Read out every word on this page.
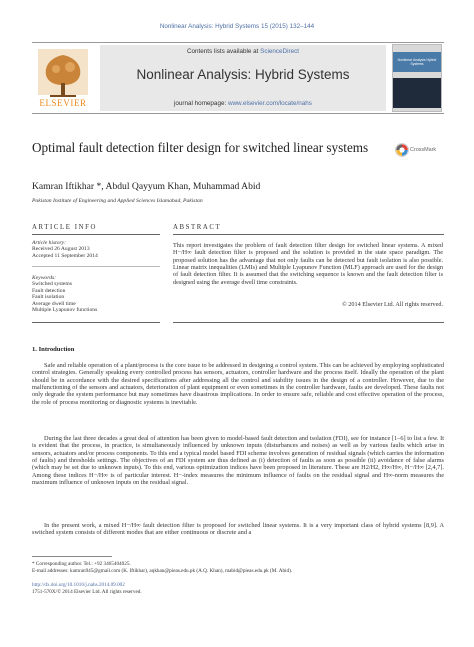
Nonlinear Analysis: Hybrid Systems 15 (2015) 132–144
ELSEVIER
Contents lists available at ScienceDirect
Nonlinear Analysis: Hybrid Systems
journal homepage: www.elsevier.com/locate/nahs
Nonlinear Analysis Hybrid Systems
Optimal fault detection filter design for switched linear systems	CrossMark
Kamran Iftikhar *, Abdul Qayyum Khan, Muhammad Abid
Pakistan Institute of Engineering and Applied Sciences Islamabad, Pakistan
ARTICLE INFO
Article history:
Received 26 August 2013
Accepted 11 September 2014
Keywords:
Switched systems
Fault detection
Fault isolation
Average dwell time
Multiple Lyapunov functions
ABSTRACT
This report investigates the problem of fault detection filter design for switched linear systems. A mixed H−/H∞ fault detection filter is proposed and the solution is provided in the state space paradigm. The proposed solution has the advantage that not only faults can be detected but fault isolation is also possible. Linear matrix inequalities (LMIs) and Multiple Lyapunov Function (MLF) approach are used for the design of fault detection filter. It is assumed that the switching sequence is known and the fault detection filter is designed using the average dwell time constraints.
© 2014 Elsevier Ltd. All rights reserved.
1. Introduction
Safe and reliable operation of a plant/process is the core issue to be addressed in designing a control system. This can be achieved by employing sophisticated control strategies. Generally speaking every controlled process has sensors, actuators, controller hardware and the process itself. Ideally the operation of the plant should be in accordance with the desired specifications after addressing all the control and stability issues in the design of a controller. However, due to the malfunctioning of the sensors and actuators, deterioration of plant equipment or even sometimes in the controller hardware, faults are developed. These faults not only degrade the system performance but may sometimes have disastrous implications. In order to ensure safe, reliable and cost effective operation of the process, the role of process monitoring or diagnostic systems is inevitable.
During the last three decades a great deal of attention has been given to model-based fault detection and isolation (FDI), see for instance [1–6] to list a few. It is evident that the process, in practice, is simultaneously influenced by unknown inputs (disturbances and noises) as well as by various faults which arise in sensors, actuators and/or process components. To this end a typical model based FDI scheme involves generation of residual signals (which carries the information of faults) and thresholds settings. The objectives of an FDI system are thus defined as (i) detection of faults as soon as possible (ii) avoidance of false alarms (which may be set due to unknown inputs). To this end, various optimization indices have been proposed in literature. These are H2/H2, H∞/H∞, H−/H∞ [2,4,7]. Among these indices H−/H∞ is of particular interest. H−-index measures the minimum influence of faults on the residual signal and H∞-norm measures the maximum influence of unknown inputs on the residual signal.
In the present work, a mixed H−/H∞ fault detection filter is proposed for switched linear systems. It is a very important class of hybrid systems [8,9]. A switched system consists of different modes that are either continuous or discrete and a
* Corresponding author. Tel.: +92 3465404025.
E-mail addresses: kamran945@gmail.com (K. Iftikhar), aqkhan@pieas.edu.pk (A.Q. Khan), mabid@pieas.edu.pk (M. Abid).
http://dx.doi.org/10.1016/j.nahs.2014.09.002
1751-570X/© 2014 Elsevier Ltd. All rights reserved.
